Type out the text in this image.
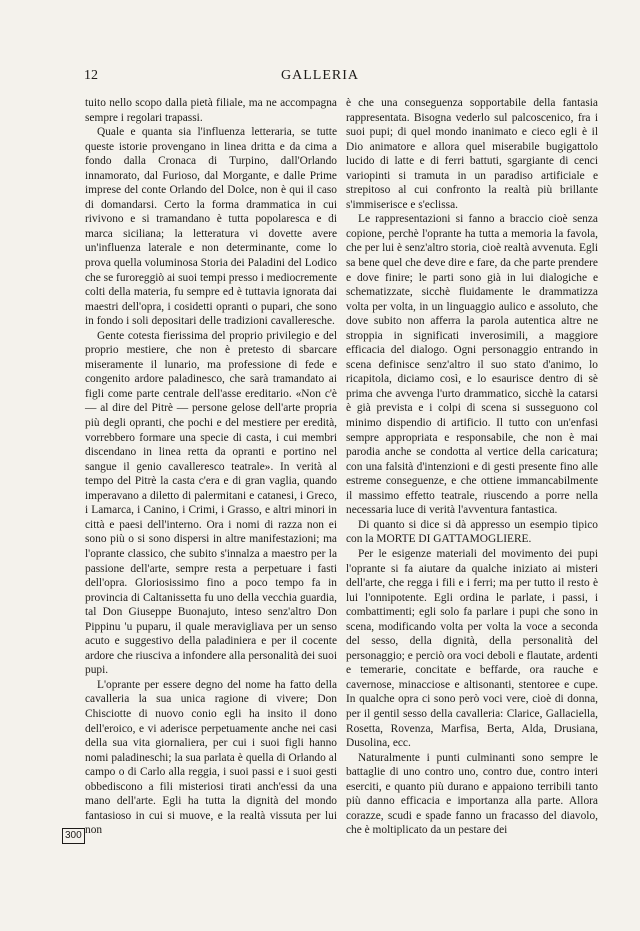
12	GALLERIA

tuito nello scopo dalla pietà filiale, ma ne accompagna sempre i regolari trapassi.

Quale e quanta sia l'influenza letteraria, se tutte queste istorie provengano in linea dritta e da cima a fondo dalla Cronaca di Turpino, dall'Orlando innamorato, dal Furioso, dal Morgante, e dalle Prime imprese del conte Orlando del Dolce, non è qui il caso di domandarsi. Certo la forma drammatica in cui rivivono e si tramandano è tutta popolaresca e di marca siciliana; la letteratura vi dovette avere un'influenza laterale e non determinante, come lo prova quella voluminosa Storia dei Paladini del Lodico che se furoreggiò ai suoi tempi presso i mediocremente colti della materia, fu sempre ed è tuttavia ignorata dai maestri dell'opra, i cosidetti opranti o pupari, che sono in fondo i soli depositari delle tradizioni cavalleresche.

Gente cotesta fierissima del proprio privilegio e del proprio mestiere, che non è pretesto di sbarcare miseramente il lunario, ma professione di fede e congenito ardore paladinesco, che sarà tramandato ai figli come parte centrale dell'asse ereditario. «Non c'è — al dire del Pitrè — persone gelose dell'arte propria più degli opranti, che pochi e del mestiere per eredità, vorrebbero formare una specie di casta, i cui membri discendano in linea retta da opranti e portino nel sangue il genio cavalleresco teatrale». In verità al tempo del Pitrè la casta c'era e di gran vaglia, quando imperavano a diletto di palermitani e catanesi, i Greco, i Lamarca, i Canino, i Crimi, i Grasso, e altri minori in città e paesi dell'interno. Ora i nomi di razza non ei sono più o si sono dispersi in altre manifestazioni; ma l'oprante classico, che subito s'innalza a maestro per la passione dell'arte, sempre resta a perpetuare i fasti dell'opra. Gloriosissimo fino a poco tempo fa in provincia di Caltanissetta fu uno della vecchia guardia, tal Don Giuseppe Buonajuto, inteso senz'altro Don Pippinu 'u puparu, il quale meravigliava per un senso acuto e suggestivo della paladiniera e per il cocente ardore che riusciva a infondere alla personalità dei suoi pupi.

L'oprante per essere degno del nome ha fatto della cavalleria la sua unica ragione di vivere; Don Chisciotte di nuovo conio egli ha insito il dono dell'eroico, e vi aderisce perpetuamente anche nei casi della sua vita giornaliera, per cui i suoi figli hanno nomi paladineschi; la sua parlata è quella di Orlando al campo o di Carlo alla reggia, i suoi passi e i suoi gesti obbediscono a fili misteriosi tirati anch'essi da una mano dell'arte. Egli ha tutta la dignità del mondo fantasioso in cui si muove, e la realtà vissuta per lui non

è che una conseguenza sopportabile della fantasia rappresentata. Bisogna vederlo sul palcoscenico, fra i suoi pupi; di quel mondo inanimato e cieco egli è il Dio animatore e allora quel miserabile bugigattolo lucido di latte e di ferri battuti, sgargiante di cenci variopinti si tramuta in un paradiso artificiale e strepitoso al cui confronto la realtà più brillante s'immiserisce e s'eclissa.

Le rappresentazioni si fanno a braccio cioè senza copione, perchè l'oprante ha tutta a memoria la favola, che per lui è senz'altro storia, cioè realtà avvenuta. Egli sa bene quel che deve dire e fare, da che parte prendere e dove finire; le parti sono già in lui dialogiche e schematizzate, sicchè fluidamente le drammatizza volta per volta, in un linguaggio aulico e assoluto, che dove subito non afferra la parola autentica altre ne stroppia in significati inverosimili, a maggiore efficacia del dialogo. Ogni personaggio entrando in scena definisce senz'altro il suo stato d'animo, lo ricapitola, diciamo così, e lo esaurisce dentro di sè prima che avvenga l'urto drammatico, sicchè la catarsi è già prevista e i colpi di scena si susseguono col minimo dispendio di artificio. Il tutto con un'enfasi sempre appropriata e responsabile, che non è mai parodia anche se condotta al vertice della caricatura; con una falsità d'intenzioni e di gesti presente fino alle estreme conseguenze, e che ottiene immancabilmente il massimo effetto teatrale, riuscendo a porre nella necessaria luce di verità l'avventura fantastica.

Di quanto si dice si dà appresso un esempio tipico con la MORTE DI GATTAMOGLIERE.

Per le esigenze materiali del movimento dei pupi l'oprante si fa aiutare da qualche iniziato ai misteri dell'arte, che regga i fili e i ferri; ma per tutto il resto è lui l'onnipotente. Egli ordina le parlate, i passi, i combattimenti; egli solo fa parlare i pupi che sono in scena, modificando volta per volta la voce a seconda del sesso, della dignità, della personalità del personaggio; e perciò ora voci deboli e flautate, ardenti e temerarie, concitate e beffarde, ora rauche e cavernose, minacciose e altisonanti, stentoree e cupe. In qualche opra ci sono però voci vere, cioè di donna, per il gentil sesso della cavalleria: Clarice, Gallaciella, Rosetta, Rovenza, Marfisa, Berta, Alda, Drusiana, Dusolina, ecc.

Naturalmente i punti culminanti sono sempre le battaglie di uno contro uno, contro due, contro interi eserciti, e quanto più durano e appaiono terribili tanto più danno efficacia e importanza alla parte. Allora corazze, scudi e spade fanno un fracasso del diavolo, che è moltiplicato da un pestare dei

300
